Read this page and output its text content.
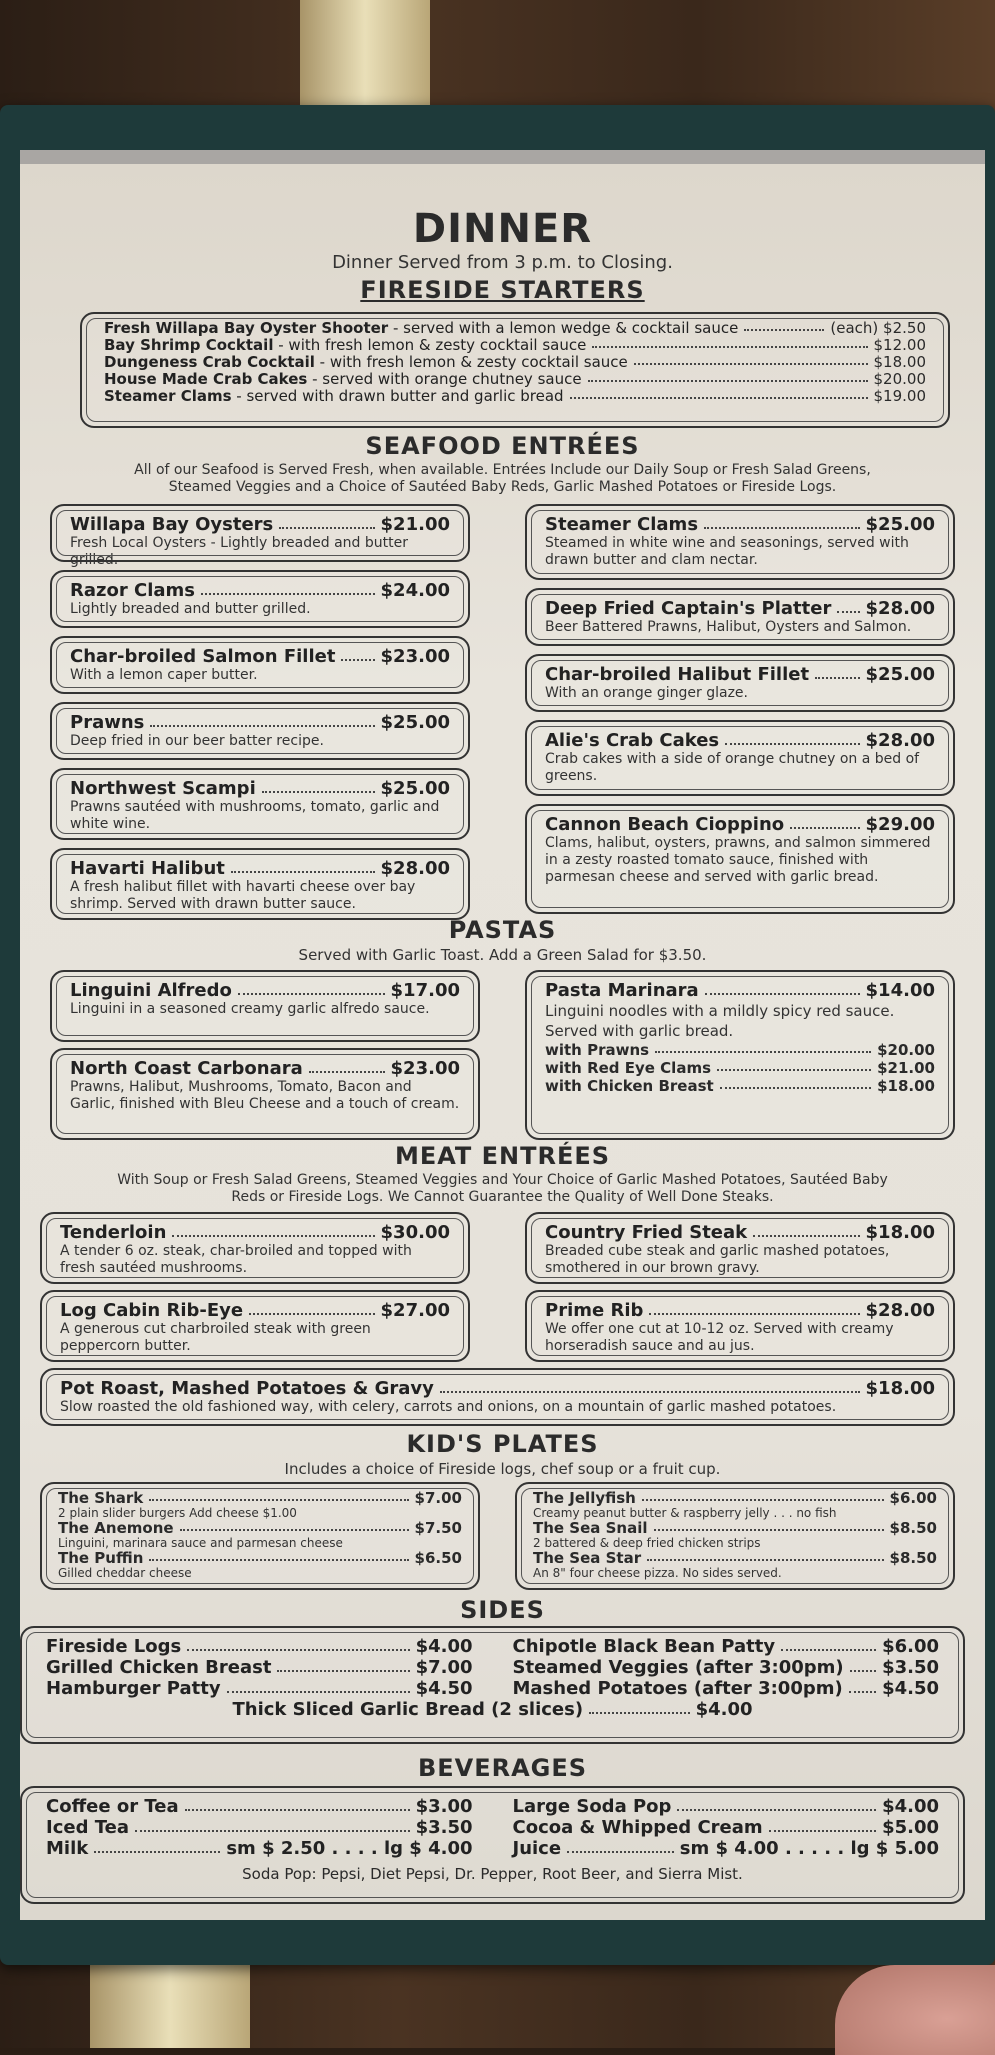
DINNER
Dinner Served from 3 p.m. to Closing.
FIRESIDE STARTERS
Fresh Willapa Bay Oyster Shooter - served with a lemon wedge & cocktail sauce	(each) $2.50
Bay Shrimp Cocktail - with fresh lemon & zesty cocktail sauce	$12.00
Dungeness Crab Cocktail - with fresh lemon & zesty cocktail sauce	$18.00
House Made Crab Cakes - served with orange chutney sauce	$20.00
Steamer Clams - served with drawn butter and garlic bread	$19.00
SEAFOOD ENTRÉES
All of our Seafood is Served Fresh, when available. Entrées Include our Daily Soup or Fresh Salad Greens,
Steamed Veggies and a Choice of Sautéed Baby Reds, Garlic Mashed Potatoes or Fireside Logs.
Willapa Bay Oysters	$21.00
Fresh Local Oysters - Lightly breaded and butter grilled.
Razor Clams	$24.00
Lightly breaded and butter grilled.
Char-broiled Salmon Fillet	$23.00
With a lemon caper butter.
Prawns	$25.00
Deep fried in our beer batter recipe.
Northwest Scampi	$25.00
Prawns sautéed with mushrooms, tomato, garlic and white wine.
Havarti Halibut	$28.00
A fresh halibut fillet with havarti cheese over bay shrimp. Served with drawn butter sauce.
Steamer Clams	$25.00
Steamed in white wine and seasonings, served with drawn butter and clam nectar.
Deep Fried Captain's Platter $28.00
Beer Battered Prawns, Halibut, Oysters and Salmon.
Char-broiled Halibut Fillet	$25.00
With an orange ginger glaze.
Alie's Crab Cakes	$28.00
Crab cakes with a side of orange chutney on a bed of greens.
Cannon Beach Cioppino	$29.00
Clams, halibut, oysters, prawns, and salmon simmered in a zesty roasted tomato sauce, finished with parmesan cheese and served with garlic bread.
PASTAS
Served with Garlic Toast. Add a Green Salad for $3.50.
Linguini Alfredo	$17.00
Linguini in a seasoned creamy garlic alfredo sauce.
North Coast Carbonara	$23.00
Prawns, Halibut, Mushrooms, Tomato, Bacon and Garlic, finished with Bleu Cheese and a touch of cream.
Pasta Marinara	$14.00
Linguini noodles with a mildly spicy red sauce. Served with garlic bread.
with Prawns	$20.00
with Red Eye Clams	$21.00
with Chicken Breast	$18.00
MEAT ENTRÉES
With Soup or Fresh Salad Greens, Steamed Veggies and Your Choice of Garlic Mashed Potatoes, Sautéed Baby
Reds or Fireside Logs. We Cannot Guarantee the Quality of Well Done Steaks.
Tenderloin	$30.00
A tender 6 oz. steak, char-broiled and topped with fresh sautéed mushrooms.
Log Cabin Rib-Eye	$27.00
A generous cut charbroiled steak with green peppercorn butter.
Country Fried Steak	$18.00
Breaded cube steak and garlic mashed potatoes, smothered in our brown gravy.
Prime Rib	$28.00
We offer one cut at 10-12 oz. Served with creamy horseradish sauce and au jus.
Pot Roast, Mashed Potatoes & Gravy	$18.00
Slow roasted the old fashioned way, with celery, carrots and onions, on a mountain of garlic mashed potatoes.
KID'S PLATES
Includes a choice of Fireside logs, chef soup or a fruit cup.
The Shark	$7.00
2 plain slider burgers Add cheese $1.00
The Anemone	$7.50
Linguini, marinara sauce and parmesan cheese
The Puffin	$6.50
Gilled cheddar cheese
The Jellyfish	$6.00
Creamy peanut butter & raspberry jelly . . . no fish
The Sea Snail	$8.50
2 battered & deep fried chicken strips
The Sea Star	$8.50
An 8" four cheese pizza. No sides served.
SIDES
Fireside Logs	$4.00
Grilled Chicken Breast	$7.00
Hamburger Patty	$4.50
Chipotle Black Bean Patty	$6.00
Steamed Veggies (after 3:00pm) $3.50
Mashed Potatoes (after 3:00pm) $4.50
Thick Sliced Garlic Bread (2 slices)	$4.00
BEVERAGES
Coffee or Tea	$3.00
Iced Tea	$3.50
Milk	sm $ 2.50 . . . . lg $ 4.00
Large Soda Pop	$4.00
Cocoa & Whipped Cream	$5.00
Juice	sm $ 4.00 . . . . . lg $ 5.00
Soda Pop: Pepsi, Diet Pepsi, Dr. Pepper, Root Beer, and Sierra Mist.
